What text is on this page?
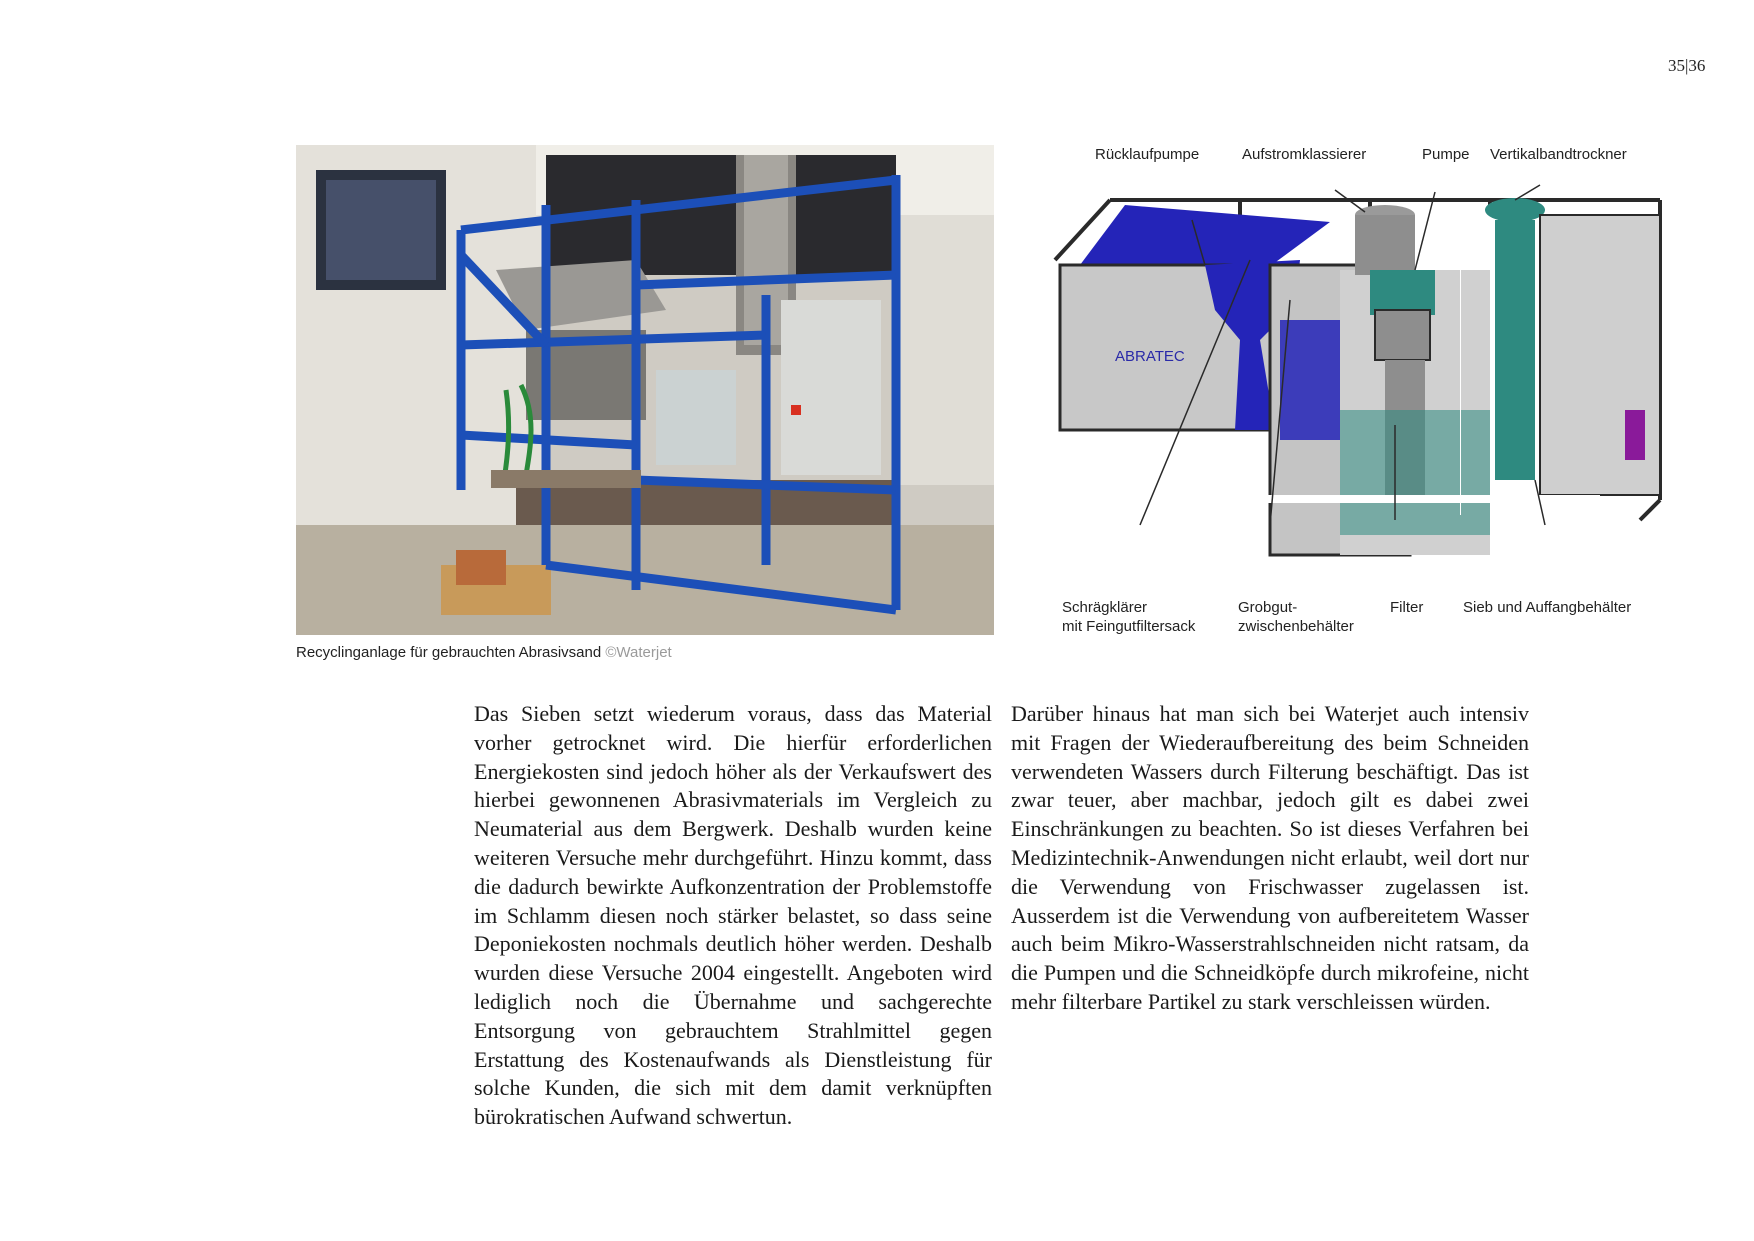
35|36
Recyclinganlage für gebrauchten Abrasivsand ©Waterjet
ABRATEC
Rücklaufpumpe	Aufstromklassierer	Pumpe Vertikalbandtrockner
Schrägklärer
mit Feingutfiltersack
Grobgut-
zwischenbehälter
Filter	Sieb und Auffangbehälter

Das Sieben setzt wiederum voraus, dass das Material vorher getrocknet wird. Die hierfür erforderlichen Energiekosten sind jedoch höher als der Verkaufswert des hierbei gewonnenen Abrasivmaterials im Vergleich zu Neumaterial aus dem Bergwerk. Deshalb wurden keine weiteren Versuche mehr durchgeführt. Hinzu kommt, dass die dadurch bewirkte Aufkonzentration der Problemstoffe im Schlamm diesen noch stärker belastet, so dass seine Deponiekosten nochmals deutlich höher werden. Deshalb wurden diese Versuche 2004 eingestellt. Angeboten wird lediglich noch die Übernahme und sachgerechte Entsorgung von gebrauchtem Strahlmittel gegen Erstattung des Kostenaufwands als Dienstleistung für solche Kunden, die sich mit dem damit verknüpften bürokratischen Aufwand schwertun.

Darüber hinaus hat man sich bei Waterjet auch intensiv mit Fragen der Wiederaufbereitung des beim Schneiden verwendeten Wassers durch Filterung beschäftigt. Das ist zwar teuer, aber machbar, jedoch gilt es dabei zwei Einschränkungen zu beachten. So ist dieses Verfahren bei Medizintechnik-Anwendungen nicht erlaubt, weil dort nur die Verwendung von Frischwasser zugelassen ist. Ausserdem ist die Verwendung von aufbereitetem Wasser auch beim Mikro-Wasserstrahlschneiden nicht ratsam, da die Pumpen und die Schneidköpfe durch mikrofeine, nicht mehr filterbare Partikel zu stark verschleissen würden.
